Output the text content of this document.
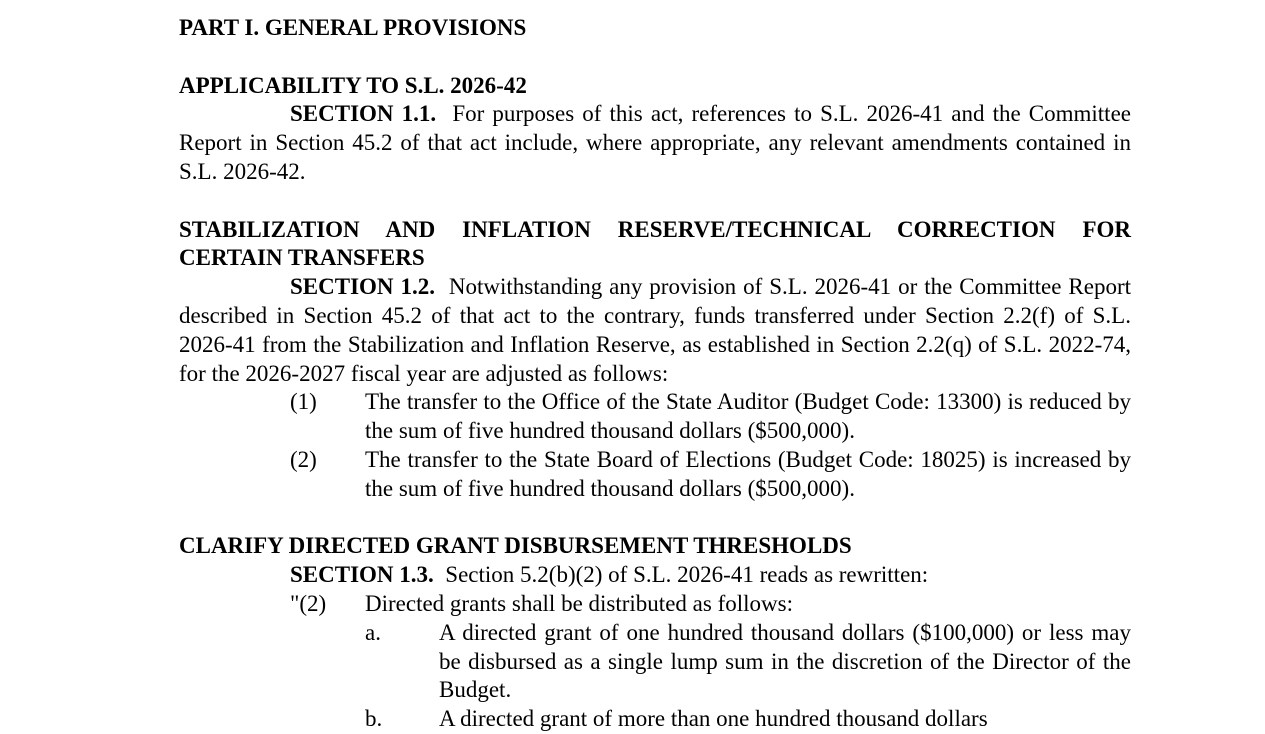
PART I. GENERAL PROVISIONS

APPLICABILITY TO S.L. 2026-42

SECTION 1.1. For purposes of this act, references to S.L. 2026-41 and the Committee Report in Section 45.2 of that act include, where appropriate, any relevant amendments contained in S.L. 2026-42.

STABILIZATION AND INFLATION RESERVE/TECHNICAL CORRECTION FOR CERTAIN TRANSFERS

SECTION 1.2. Notwithstanding any provision of S.L. 2026-41 or the Committee Report described in Section 45.2 of that act to the contrary, funds transferred under Section 2.2(f) of S.L. 2026-41 from the Stabilization and Inflation Reserve, as established in Section 2.2(q) of S.L. 2022-74, for the 2026-2027 fiscal year are adjusted as follows:

(1) The transfer to the Office of the State Auditor (Budget Code: 13300) is reduced by the sum of five hundred thousand dollars ($500,000).

(2) The transfer to the State Board of Elections (Budget Code: 18025) is increased by the sum of five hundred thousand dollars ($500,000).

CLARIFY DIRECTED GRANT DISBURSEMENT THRESHOLDS

SECTION 1.3. Section 5.2(b)(2) of S.L. 2026-41 reads as rewritten:

"(2) Directed grants shall be distributed as follows:

a.	A directed grant of one hundred thousand dollars ($100,000) or less may be disbursed as a single lump sum in the discretion of the Director of the Budget.

b. A directed grant of more than one hundred thousand dollars
